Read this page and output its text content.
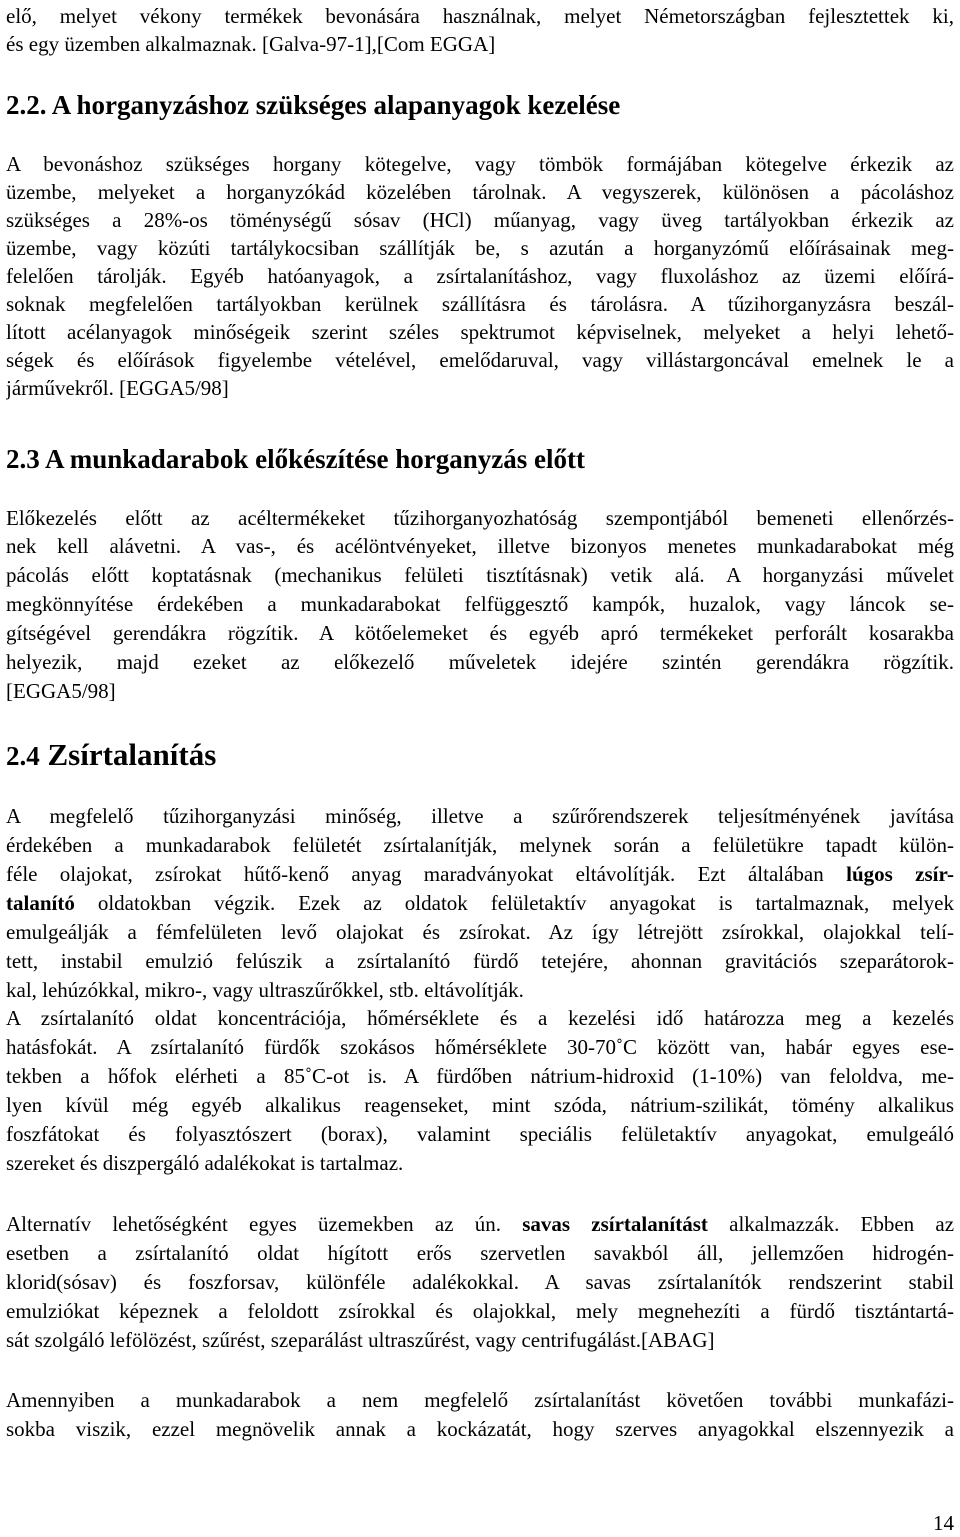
elő, melyet vékony termékek bevonására használnak, melyet Németországban fejlesztettek ki,
és egy üzemben alkalmaznak. [Galva-97-1],[Com EGGA]
2.2. A horganyzáshoz szükséges alapanyagok kezelése
A bevonáshoz szükséges horgany kötegelve, vagy tömbök formájában kötegelve érkezik az
üzembe, melyeket a horganyzókád közelében tárolnak. A vegyszerek, különösen a pácoláshoz
szükséges a 28%-os töménységű sósav (HCl) műanyag, vagy üveg tartályokban érkezik az
üzembe, vagy közúti tartálykocsiban szállítják be, s azután a horganyzómű előírásainak meg-
felelően tárolják. Egyéb hatóanyagok, a zsírtalanításhoz, vagy fluxoláshoz az üzemi előírá-
soknak megfelelően tartályokban kerülnek szállításra és tárolásra. A tűzihorganyzásra beszál-
lított acélanyagok minőségeik szerint széles spektrumot képviselnek, melyeket a helyi lehető-
ségek és előírások figyelembe vételével, emelődaruval, vagy villástargoncával emelnek le a
járművekről. [EGGA5/98]
2.3 A munkadarabok előkészítése horganyzás előtt
Előkezelés előtt az acéltermékeket tűzihorganyozhatóság szempontjából bemeneti ellenőrzés-
nek kell alávetni. A vas-, és acélöntvényeket, illetve bizonyos menetes munkadarabokat még
pácolás előtt koptatásnak (mechanikus felületi tisztításnak) vetik alá. A horganyzási művelet
megkönnyítése érdekében a munkadarabokat felfüggesztő kampók, huzalok, vagy láncok se-
gítségével gerendákra rögzítik. A kötőelemeket és egyéb apró termékeket perforált kosarakba
helyezik, majd ezeket az előkezelő műveletek idejére szintén gerendákra rögzítik.
[EGGA5/98]
2.4 Zsírtalanítás
A megfelelő tűzihorganyzási minőség, illetve a szűrőrendszerek teljesítményének javítása
érdekében a munkadarabok felületét zsírtalanítják, melynek során a felületükre tapadt külön-
féle olajokat, zsírokat hűtő-kenő anyag maradványokat eltávolítják. Ezt általában lúgos zsír-
talanító oldatokban végzik. Ezek az oldatok felületaktív anyagokat is tartalmaznak, melyek
emulgeálják a fémfelületen levő olajokat és zsírokat. Az így létrejött zsírokkal, olajokkal telí-
tett, instabil emulzió felúszik a zsírtalanító fürdő tetejére, ahonnan gravitációs szeparátorok-
kal, lehúzókkal, mikro-, vagy ultraszűrőkkel, stb. eltávolítják.
A zsírtalanító oldat koncentrációja, hőmérséklete és a kezelési idő határozza meg a kezelés
hatásfokát. A zsírtalanító fürdők szokásos hőmérséklete 30-70˚C között van, habár egyes ese-
tekben a hőfok elérheti a 85˚C-ot is. A fürdőben nátrium-hidroxid (1-10%) van feloldva, me-
lyen kívül még egyéb alkalikus reagenseket, mint szóda, nátrium-szilikát, tömény alkalikus
foszfátokat és folyasztószert (borax), valamint speciális felületaktív anyagokat, emulgeáló
szereket és diszpergáló adalékokat is tartalmaz.
Alternatív lehetőségként egyes üzemekben az ún. savas zsírtalanítást alkalmazzák. Ebben az
esetben a zsírtalanító oldat hígított erős szervetlen savakból áll, jellemzően hidrogén-
klorid(sósav) és foszforsav, különféle adalékokkal. A savas zsírtalanítók rendszerint stabil
emulziókat képeznek a feloldott zsírokkal és olajokkal, mely megnehezíti a fürdő tisztántartá-
sát szolgáló lefölözést, szűrést, szeparálást ultraszűrést, vagy centrifugálást.[ABAG]
Amennyiben a munkadarabok a nem megfelelő zsírtalanítást követően további munkafázi-
sokba viszik, ezzel megnövelik annak a kockázatát, hogy szerves anyagokkal elszennyezik a
14
